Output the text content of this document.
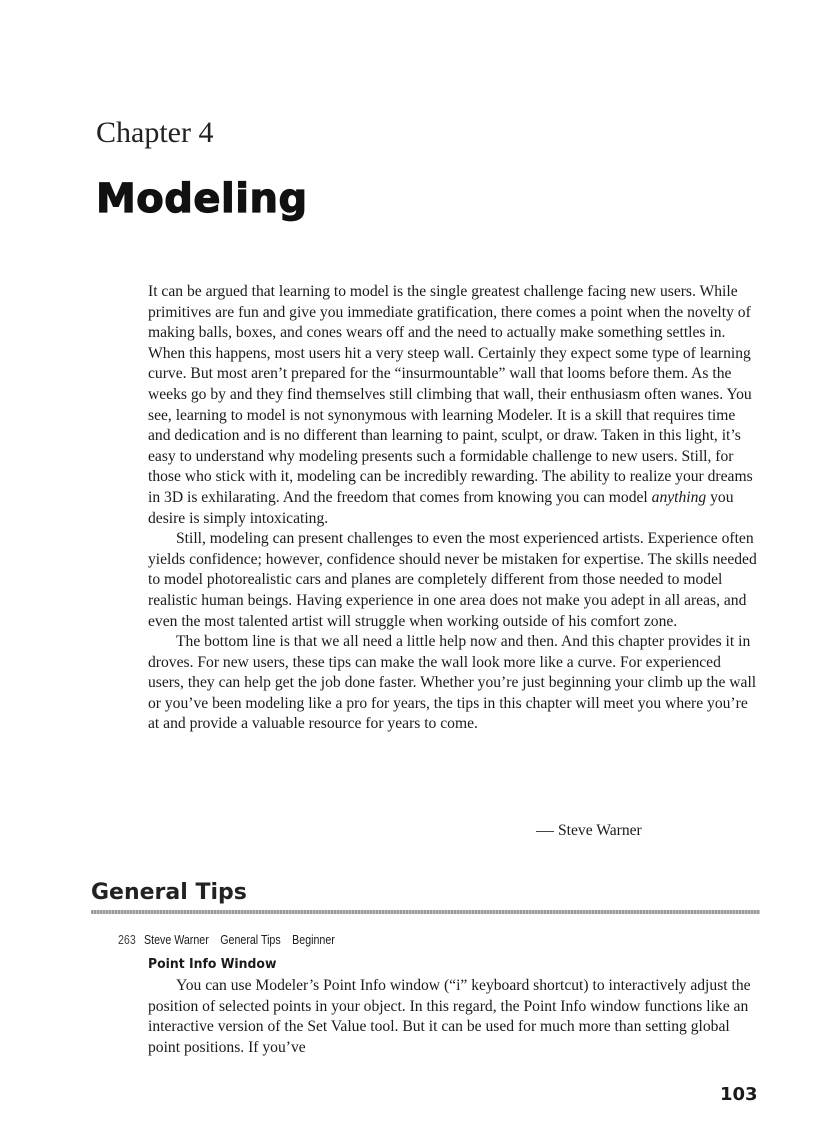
Chapter 4
Modeling

It can be argued that learning to model is the single greatest challenge facing new users. While primitives are fun and give you immediate gratification, there comes a point when the novelty of making balls, boxes, and cones wears off and the need to actually make something settles in. When this happens, most users hit a very steep wall. Certainly they expect some type of learning curve. But most aren’t prepared for the “insurmountable” wall that looms before them. As the weeks go by and they find themselves still climbing that wall, their enthusiasm often wanes. You see, learning to model is not synonymous with learning Modeler. It is a skill that requires time and dedication and is no different than learning to paint, sculpt, or draw. Taken in this light, it’s easy to understand why modeling presents such a formidable challenge to new users. Still, for those who stick with it, modeling can be incredibly rewarding. The ability to realize your dreams in 3D is exhilarating. And the freedom that comes from knowing you can model anything you desire is simply intoxicating.

Still, modeling can present challenges to even the most experienced artists. Experience often yields confidence; however, confidence should never be mistaken for expertise. The skills needed to model photorealistic cars and planes are completely different from those needed to model realistic human beings. Having experience in one area does not make you adept in all areas, and even the most talented artist will struggle when working outside of his comfort zone.

The bottom line is that we all need a little help now and then. And this chapter provides it in droves. For new users, these tips can make the wall look more like a curve. For experienced users, they can help get the job done faster. Whether you’re just beginning your climb up the wall or you’ve been modeling like a pro for years, the tips in this chapter will meet you where you’re at and provide a valuable resource for years to come.

Steve Warner
General Tips
263 Steve Warner General Tips Beginner
Point Info Window

You can use Modeler’s Point Info window (“i” keyboard shortcut) to interactively adjust the position of selected points in your object. In this regard, the Point Info window functions like an interactive version of the Set Value tool. But it can be used for much more than setting global point positions. If you’ve

103
